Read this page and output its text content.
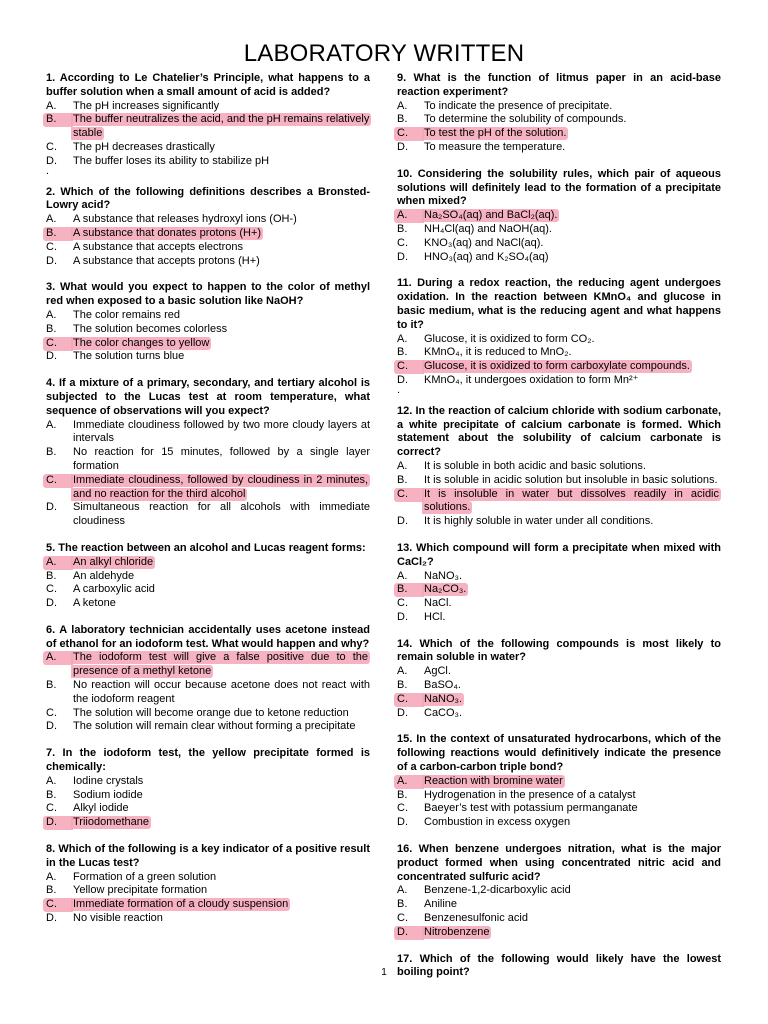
LABORATORY WRITTEN
1. According to Le Chatelier’s Principle, what happens to a buffer solution when a small amount of acid is added?
A.	The pH increases significantly
B.	The buffer neutralizes the acid, and the pH remains relatively stable
C.	The pH decreases drastically
D.	The buffer loses its ability to stabilize pH
.
2. Which of the following definitions describes a Bronsted-Lowry acid?
A.	A substance that releases hydroxyl ions (OH-)
B.	A substance that donates protons (H+)
C.	A substance that accepts electrons
D.	A substance that accepts protons (H+)
3. What would you expect to happen to the color of methyl red when exposed to a basic solution like NaOH?
A.	The color remains red
B.	The solution becomes colorless
C.	The color changes to yellow
D.	The solution turns blue
4. If a mixture of a primary, secondary, and tertiary alcohol is subjected to the Lucas test at room temperature, what sequence of observations will you expect?
A.	Immediate cloudiness followed by two more cloudy layers at intervals
B.	No reaction for 15 minutes, followed by a single layer formation
C.	Immediate cloudiness, followed by cloudiness in 2 minutes, and no reaction for the third alcohol
D.	Simultaneous reaction for all alcohols with immediate cloudiness
5. The reaction between an alcohol and Lucas reagent forms:
A.	An alkyl chloride
B.	An aldehyde
C.	A carboxylic acid
D.	A ketone
6. A laboratory technician accidentally uses acetone instead of ethanol for an iodoform test. What would happen and why?
A.	The iodoform test will give a false positive due to the presence of a methyl ketone
B.	No reaction will occur because acetone does not react with the iodoform reagent
C.	The solution will become orange due to ketone reduction
D.	The solution will remain clear without forming a precipitate
7. In the iodoform test, the yellow precipitate formed is chemically:
A.	Iodine crystals
B.	Sodium iodide
C.	Alkyl iodide
D.	Triiodomethane
8. Which of the following is a key indicator of a positive result in the Lucas test?
A.	Formation of a green solution
B.	Yellow precipitate formation
C.	Immediate formation of a cloudy suspension
D.	No visible reaction
9. What is the function of litmus paper in an acid-base reaction experiment?
A.	To indicate the presence of precipitate.
B.	To determine the solubility of compounds.
C.	To test the pH of the solution.
D.	To measure the temperature.
10. Considering the solubility rules, which pair of aqueous solutions will definitely lead to the formation of a precipitate when mixed?
A.	Na₂SO₄(aq) and BaCl₂(aq).
B.	NH₄Cl(aq) and NaOH(aq).
C.	KNO₃(aq) and NaCl(aq).
D.	HNO₃(aq) and K₂SO₄(aq)
11. During a redox reaction, the reducing agent undergoes oxidation. In the reaction between KMnO₄ and glucose in basic medium, what is the reducing agent and what happens to it?
A.	Glucose, it is oxidized to form CO₂.
B.	KMnO₄, it is reduced to MnO₂.
C.	Glucose, it is oxidized to form carboxylate compounds.
D.	KMnO₄, it undergoes oxidation to form Mn²⁺
.
12. In the reaction of calcium chloride with sodium carbonate, a white precipitate of calcium carbonate is formed. Which statement about the solubility of calcium carbonate is correct?
A.	It is soluble in both acidic and basic solutions.
B.	It is soluble in acidic solution but insoluble in basic solutions.
C.	It is insoluble in water but dissolves readily in acidic solutions.
D.	It is highly soluble in water under all conditions.
13. Which compound will form a precipitate when mixed with CaCl₂?
A.	NaNO₃.
B.	Na₂CO₃.
C.	NaCl.
D.	HCl.
14. Which of the following compounds is most likely to remain soluble in water?
A.	AgCl.
B.	BaSO₄.
C.	NaNO₃.
D.	CaCO₃.
15. In the context of unsaturated hydrocarbons, which of the following reactions would definitively indicate the presence of a carbon-carbon triple bond?
A.	Reaction with bromine water
B.	Hydrogenation in the presence of a catalyst
C.	Baeyer’s test with potassium permanganate
D.	Combustion in excess oxygen
16. When benzene undergoes nitration, what is the major product formed when using concentrated nitric acid and concentrated sulfuric acid?
A.	Benzene-1,2-dicarboxylic acid
B.	Aniline
C.	Benzenesulfonic acid
D.	Nitrobenzene
17. Which of the following would likely have the lowest boiling point?
1
